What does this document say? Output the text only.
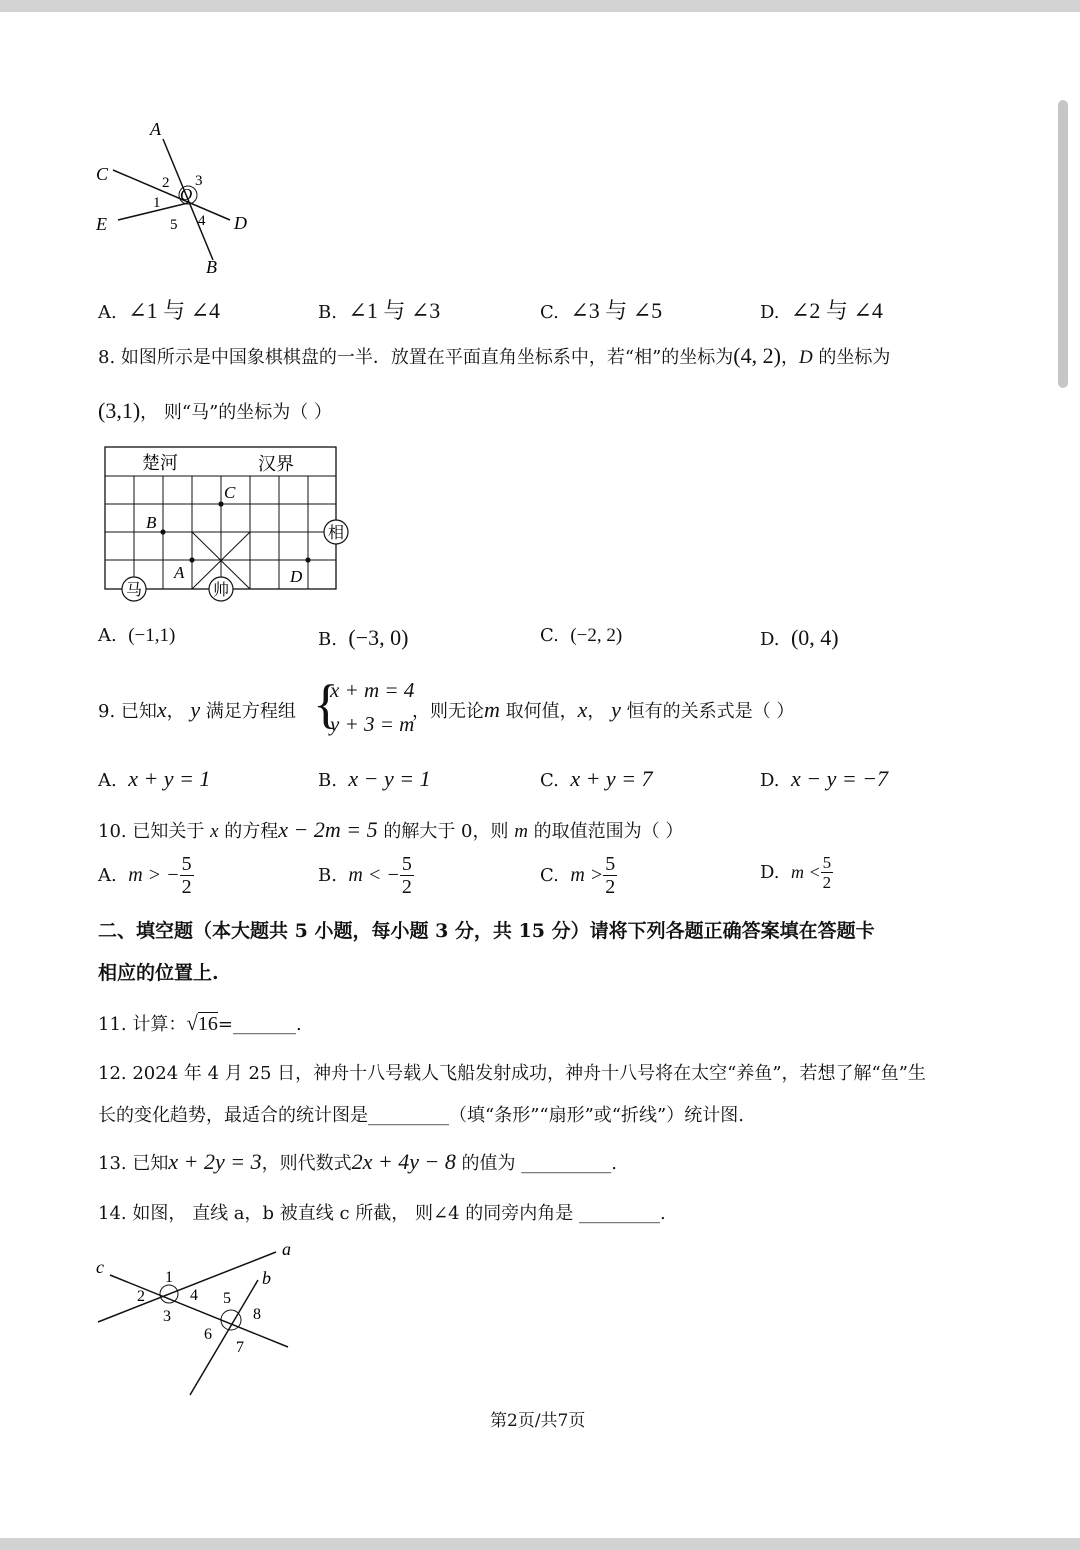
A
B
C
D
E
O
1
2 3
4
5
A. ∠1 与 ∠4	B. ∠1 与 ∠3	C. ∠3 与 ∠5	D. ∠2 与 ∠4
8. 如图所示是中国象棋棋盘的一半．放置在平面直角坐标系中，若“相”的坐标为(4, 2)，D 的坐标为
(3,1)， 则“马”的坐标为（ ）
楚河	汉界
C
B
A	D
马	帅
相
A. (−1,1)	B. (−3, 0)	C. (−2, 2)	D. (0, 4)
9. 已知x， y 满足方程组 {
x + m = 4
y + 3 = m
，则无论m 取何值，x， y 恒有的关系式是（ ）
A. x + y = 1	B. x − y = 1	C. x + y = 7	D. x − y = −7
10. 已知关于 x 的方程x − 2m = 5 的解大于 0，则 m 的取值范围为（ ）
A. m > − $\frac{5}{2}$	B. m < − $\frac{5}{2}$	C. $m > \frac{5}{2}$	D. $m < \frac{5}{2}$
二、填空题（本大题共 5 小题，每小题 3 分，共 15 分）请将下列各题正确答案填在答题卡
相应的位置上.
11. 计算：√16=_______.
12. 2024 年 4 月 25 日，神舟十八号载人飞船发射成功，神舟十八号将在太空“养鱼”，若想了解“鱼”生
长的变化趋势，最适合的统计图是_________（填“条形”“扇形”或“折线”）统计图.
13. 已知x + 2y = 3，则代数式2x + 4y − 8 的值为 __________.
14. 如图， 直线 a，b 被直线 c 所截， 则∠4 的同旁内角是 _________.
a
b
c
1
2
3
4 5
6
7
8
第2页/共7页
